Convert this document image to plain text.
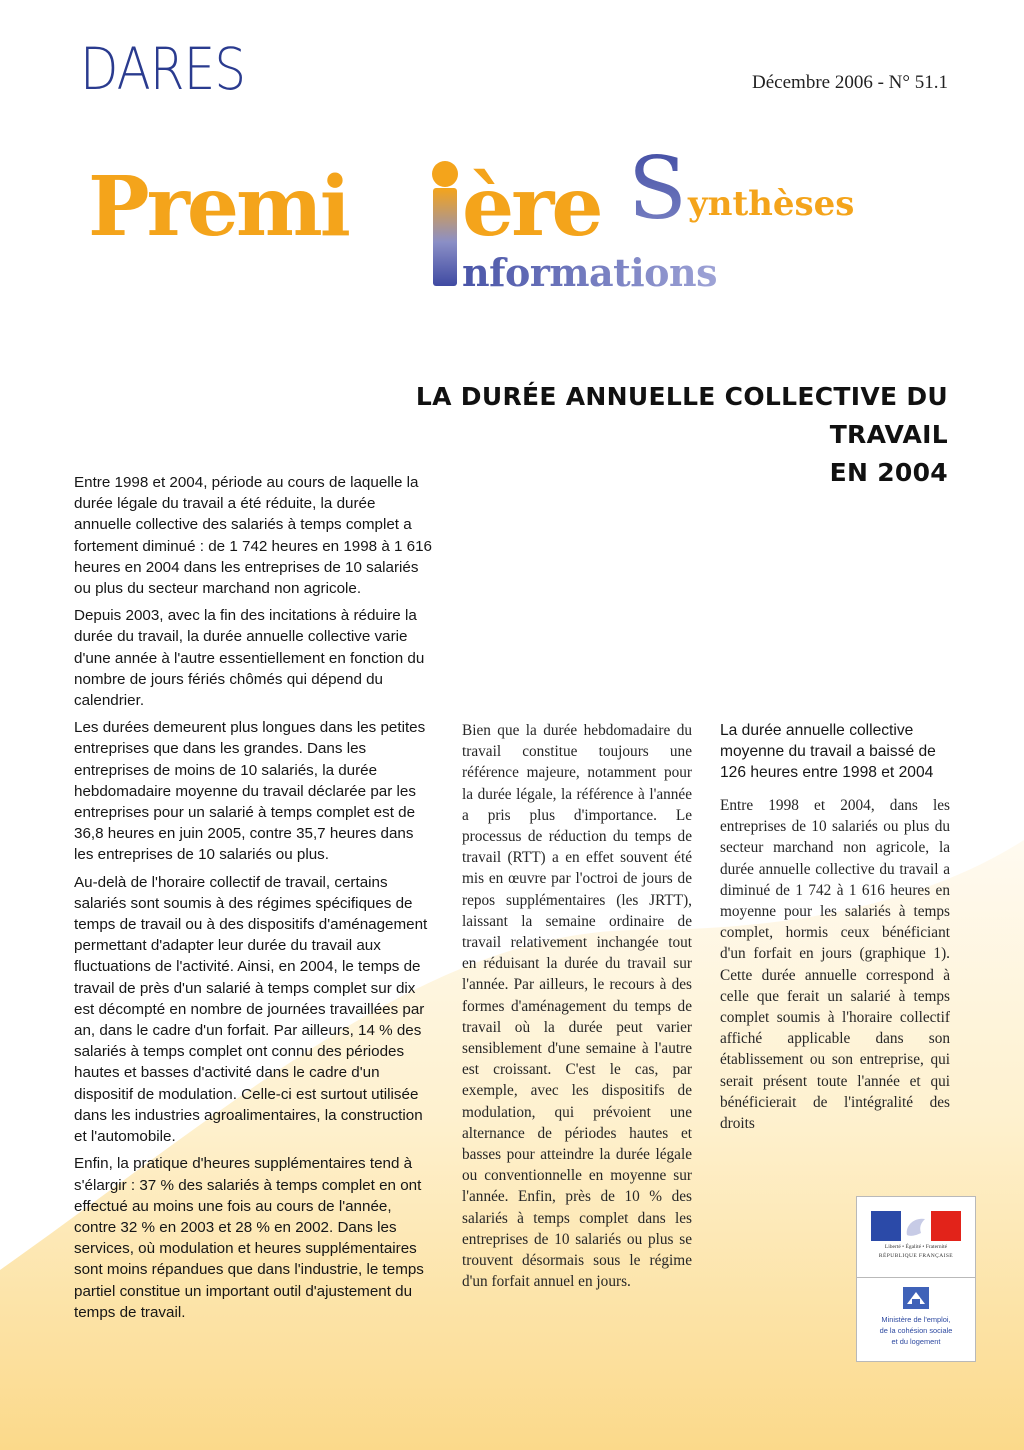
DARES	Décembre 2006 - N° 51.1
Premi ère S ynthèses
nformations
LA DURÉE ANNUELLE COLLECTIVE DU TRAVAIL
EN 2004

Entre 1998 et 2004, période au cours de laquelle la durée légale du travail a été réduite, la durée annuelle collective des salariés à temps complet a fortement diminué : de 1 742 heures en 1998 à 1 616 heures en 2004 dans les entreprises de 10 salariés ou plus du secteur marchand non agricole.

Depuis 2003, avec la fin des incitations à réduire la durée du travail, la durée annuelle collective varie d'une année à l'autre essentiellement en fonction du nombre de jours fériés chômés qui dépend du calendrier.

Les durées demeurent plus longues dans les petites entreprises que dans les grandes. Dans les entreprises de moins de 10 salariés, la durée hebdomadaire moyenne du travail déclarée par les entreprises pour un salarié à temps complet est de 36,8 heures en juin 2005, contre 35,7 heures dans les entreprises de 10 salariés ou plus.

Au-delà de l'horaire collectif de travail, certains salariés sont soumis à des régimes spécifiques de temps de travail ou à des dispositifs d'aménagement permettant d'adapter leur durée du travail aux fluctuations de l'activité. Ainsi, en 2004, le temps de travail de près d'un salarié à temps complet sur dix est décompté en nombre de journées travaillées par an, dans le cadre d'un forfait. Par ailleurs, 14 % des salariés à temps complet ont connu des périodes hautes et basses d'activité dans le cadre d'un dispositif de modulation. Celle-ci est surtout utilisée dans les industries agroalimentaires, la construction et l'automobile.

Enfin, la pratique d'heures supplémentaires tend à s'élargir : 37 % des salariés à temps complet en ont effectué au moins une fois au cours de l'année, contre 32 % en 2003 et 28 % en 2002. Dans les services, où modulation et heures supplémentaires sont moins répandues que dans l'industrie, le temps partiel constitue un important outil d'ajustement du temps de travail.

Bien que la durée hebdomadaire du travail constitue toujours une référence majeure, notamment pour la durée légale, la référence à l'année a pris plus d'importance. Le processus de réduction du temps de travail (RTT) a en effet souvent été mis en œuvre par l'octroi de jours de repos supplémentaires (les JRTT), laissant la semaine ordinaire de travail relativement inchangée tout en réduisant la durée du travail sur l'année. Par ailleurs, le recours à des formes d'aménagement du temps de travail où la durée peut varier sensiblement d'une semaine à l'autre est croissant. C'est le cas, par exemple, avec les dispositifs de modulation, qui prévoient une alternance de périodes hautes et basses pour atteindre la durée légale ou conventionnelle en moyenne sur l'année. Enfin, près de 10 % des salariés à temps complet dans les entreprises de 10 salariés ou plus se trouvent désormais sous le régime d'un forfait annuel en jours.

La durée annuelle collective moyenne du travail a baissé de 126 heures entre 1998 et 2004

Entre 1998 et 2004, dans les entreprises de 10 salariés ou plus du secteur marchand non agricole, la durée annuelle collective du travail a diminué de 1 742 à 1 616 heures en moyenne pour les salariés à temps complet, hormis ceux bénéficiant d'un forfait en jours (graphique 1). Cette durée annuelle correspond à celle que ferait un salarié à temps complet soumis à l'horaire collectif affiché applicable dans son établissement ou son entreprise, qui serait présent toute l'année et qui bénéficierait de l'intégralité des droits

Liberté • Égalité • Fraternité
RÉPUBLIQUE FRANÇAISE
Ministère de l'emploi,
de la cohésion sociale
et du logement
